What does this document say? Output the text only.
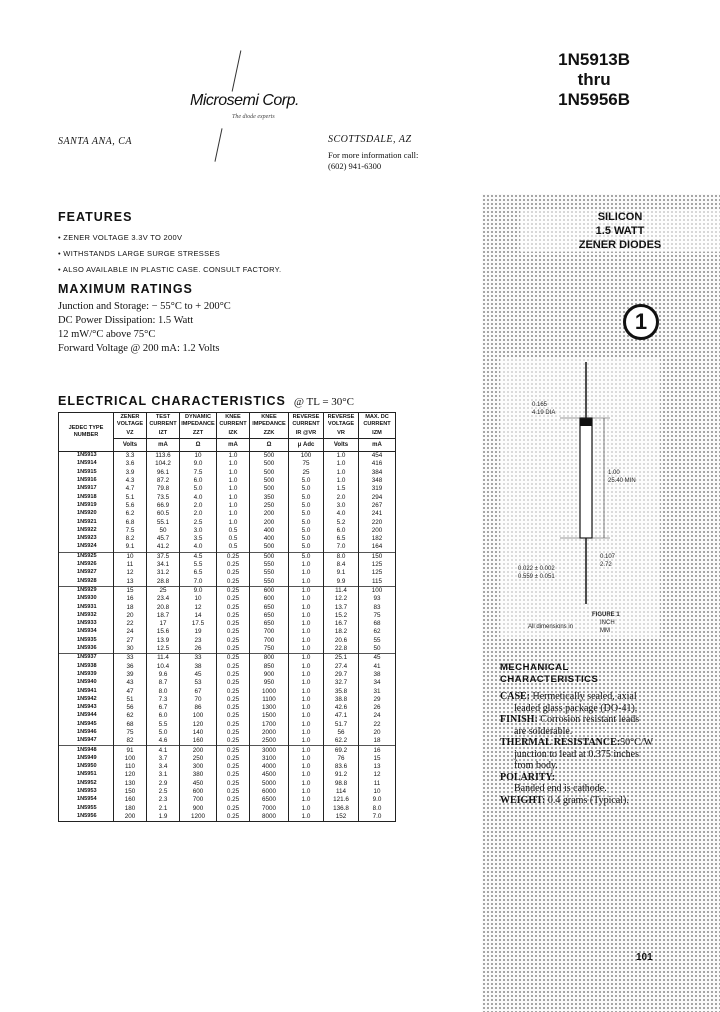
Microsemi Corp.
The diode experts
SANTA ANA, CA	SCOTTSDALE, AZ
For more information call:
(602) 941-6300
1N5913B
thru
1N5956B
SILICON
1.5 WATT
ZENER DIODES
1
0.165
4.19 DIA
1.00
25.40 MIN
0.107
2.72
0.022 ± 0.002
0.559 ± 0.051
FIGURE 1
All dimensions in
INCH
MM
MECHANICAL
CHARACTERISTICS
CASE: Hermetically sealed, axial
leaded glass package (DO-41).
FINISH: Corrosion resistant leads
are solderable.
THERMAL RESISTANCE:50°C/W
junction to lead at 0.375 inches
from body.
POLARITY:
Banded end is cathode.
WEIGHT: 0.4 grams (Typical).
101
FEATURES
• ZENER VOLTAGE 3.3V TO 200V
• WITHSTANDS LARGE SURGE STRESSES
• ALSO AVAILABLE IN PLASTIC CASE. CONSULT FACTORY.
MAXIMUM RATINGS
Junction and Storage: − 55°C to + 200°C
DC Power Dissipation: 1.5 Watt
12 mW/°C above 75°C
Forward Voltage @ 200 mA: 1.2 Volts
ELECTRICAL CHARACTERISTICS @ TL = 30°C
JEDEC TYPE NUMBER	ZENER VOLTAGE	TEST CURRENT	DYNAMIC IMPEDANCE	KNEE CURRENT	KNEE IMPEDANCE	REVERSE CURRENT	REVERSE VOLTAGE	MAX. DC CURRENT
	VZ	IZT	ZZT	IZK	ZZK	IR @VR	VR	IZM
	Volts	mA	Ω	mA	Ω	μ Adc	Volts	mA
1N5913	3.3	113.6	10	1.0	500	100	1.0	454
1N5914	3.6	104.2	9.0	1.0	500	75	1.0	416
1N5915	3.9	96.1	7.5	1.0	500	25	1.0	384
1N5916	4.3	87.2	6.0	1.0	500	5.0	1.0	348
1N5917	4.7	79.8	5.0	1.0	500	5.0	1.5	319
1N5918	5.1	73.5	4.0	1.0	350	5.0	2.0	294
1N5919	5.6	66.9	2.0	1.0	250	5.0	3.0	267
1N5920	6.2	60.5	2.0	1.0	200	5.0	4.0	241
1N5921	6.8	55.1	2.5	1.0	200	5.0	5.2	220
1N5922	7.5	50	3.0	0.5	400	5.0	6.0	200
1N5923	8.2	45.7	3.5	0.5	400	5.0	6.5	182
1N5924	9.1	41.2	4.0	0.5	500	5.0	7.0	164
1N5925	10	37.5	4.5	0.25	500	5.0	8.0	150
1N5926	11	34.1	5.5	0.25	550	1.0	8.4	125
1N5927	12	31.2	6.5	0.25	550	1.0	9.1	125
1N5928	13	28.8	7.0	0.25	550	1.0	9.9	115
1N5929	15	25	9.0	0.25	600	1.0	11.4	100
1N5930	16	23.4	10	0.25	600	1.0	12.2	93
1N5931	18	20.8	12	0.25	650	1.0	13.7	83
1N5932	20	18.7	14	0.25	650	1.0	15.2	75
1N5933	22	17	17.5	0.25	650	1.0	16.7	68
1N5934	24	15.6	19	0.25	700	1.0	18.2	62
1N5935	27	13.9	23	0.25	700	1.0	20.6	55
1N5936	30	12.5	26	0.25	750	1.0	22.8	50
1N5937	33	11.4	33	0.25	800	1.0	25.1	45
1N5938	36	10.4	38	0.25	850	1.0	27.4	41
1N5939	39	9.6	45	0.25	900	1.0	29.7	38
1N5940	43	8.7	53	0.25	950	1.0	32.7	34
1N5941	47	8.0	67	0.25	1000	1.0	35.8	31
1N5942	51	7.3	70	0.25	1100	1.0	38.8	29
1N5943	56	6.7	86	0.25	1300	1.0	42.6	26
1N5944	62	6.0	100	0.25	1500	1.0	47.1	24
1N5945	68	5.5	120	0.25	1700	1.0	51.7	22
1N5946	75	5.0	140	0.25	2000	1.0	56	20
1N5947	82	4.6	160	0.25	2500	1.0	62.2	18
1N5948	91	4.1	200	0.25	3000	1.0	69.2	16
1N5949	100	3.7	250	0.25	3100	1.0	76	15
1N5950	110	3.4	300	0.25	4000	1.0	83.6	13
1N5951	120	3.1	380	0.25	4500	1.0	91.2	12
1N5952	130	2.9	450	0.25	5000	1.0	98.8	11
1N5953	150	2.5	600	0.25	6000	1.0	114	10
1N5954	160	2.3	700	0.25	6500	1.0	121.6	9.0
1N5955	180	2.1	900	0.25	7000	1.0	136.8	8.0
1N5956	200	1.9	1200	0.25	8000	1.0	152	7.0
